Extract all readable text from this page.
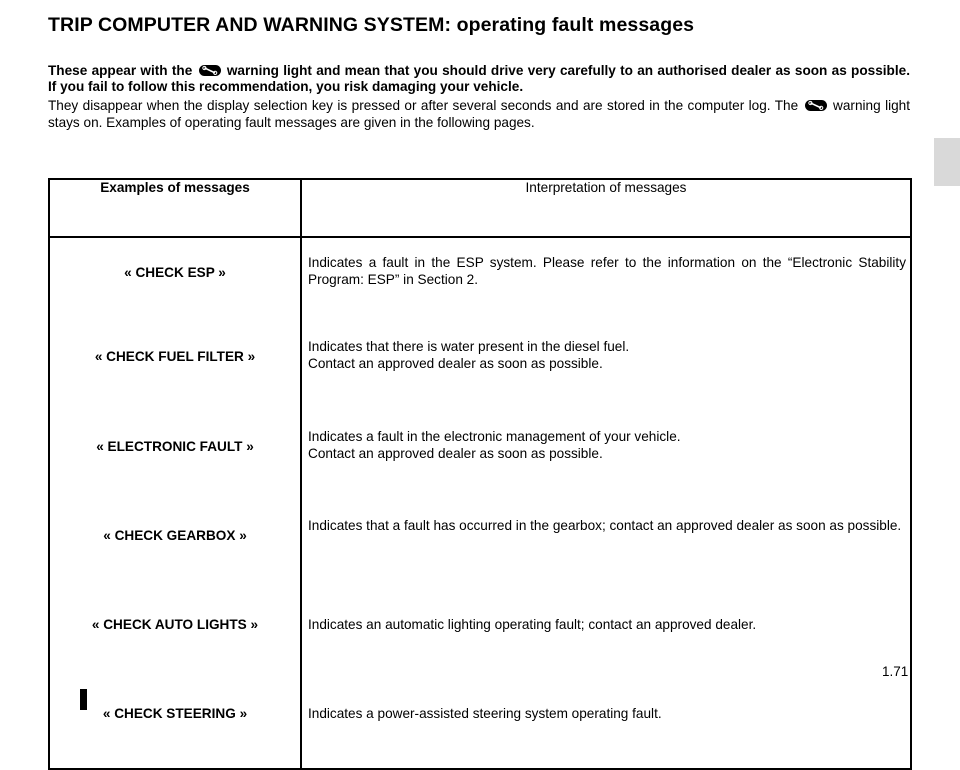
TRIP COMPUTER AND WARNING SYSTEM: operating fault messages
These appear with the	warning light and mean that you should drive very carefully to an authorised dealer as soon as possible. If you fail to follow this recommendation, you risk damaging your vehicle.
They disappear when the display selection key is pressed or after several seconds and are stored in the computer log. The	warning light stays on. Examples of operating fault messages are given in the following pages.
Examples of messages	Interpretation of messages
« CHECK ESP »	Indicates a fault in the ESP system. Please refer to the information on the “Electronic Stability Program: ESP” in Section 2.

« CHECK FUEL FILTER »	Indicates that there is water present in the diesel fuel.
Contact an approved dealer as soon as possible.

« ELECTRONIC FAULT »	Indicates a fault in the electronic management of your vehicle.
Contact an approved dealer as soon as possible.

« CHECK GEARBOX »	Indicates that a fault has occurred in the gearbox; contact an approved dealer as soon as possible.

« CHECK AUTO LIGHTS »	Indicates an automatic lighting operating fault; contact an approved dealer.

« CHECK STEERING »	Indicates a power-assisted steering system operating fault.
1.71
